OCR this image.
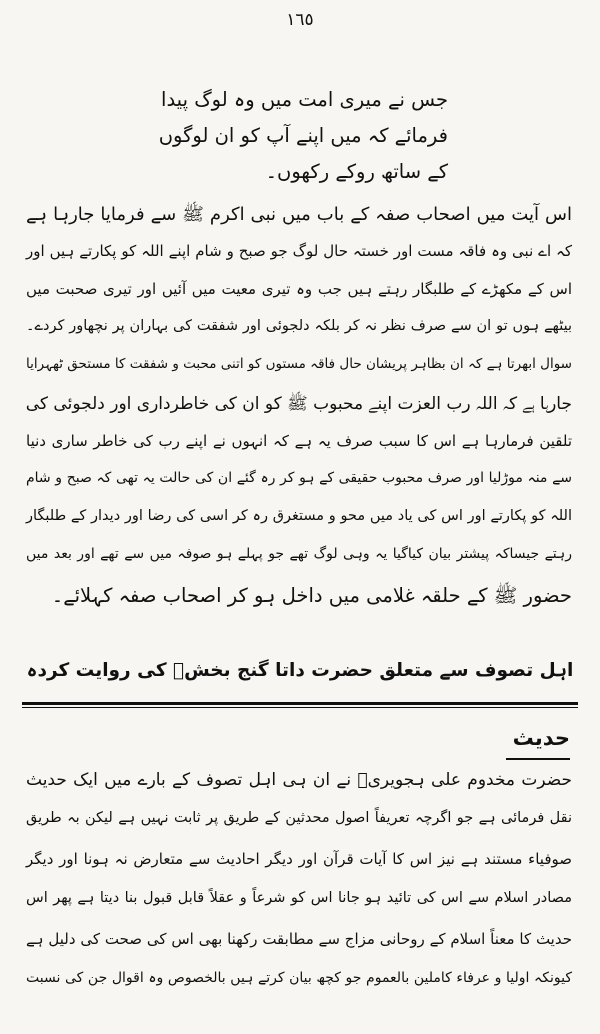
١٦٥
جس نے میری امت میں وہ لوگ پیدا
فرمائے کہ میں اپنے آپ کو ان لوگوں
کے ساتھ روکے رکھوں۔
اس آیت میں اصحاب صفہ کے باب میں نبی اکرم ﷺ سے فرمایا جارہا ہے
کہ اے نبی وہ فاقہ مست اور خستہ حال لوگ جو صبح و شام اپنے اللہ کو پکارتے ہیں اور
اس کے مکھڑے کے طلبگار رہتے ہیں جب وہ تیری معیت میں آئیں اور تیری صحبت میں
بیٹھے ہوں تو ان سے صرف نظر نہ کر بلکہ دلجوئی اور شفقت کی بہاران پر نچھاور کردے۔
سوال ابھرتا ہے کہ ان بظاہر پریشان حال فاقہ مستوں کو اتنی محبت و شفقت کا مستحق ٹھہرایا
جارہا ہے کہ اللہ رب العزت اپنے محبوب ﷺ کو ان کی خاطرداری اور دلجوئی کی
تلقین فرمارہا ہے اس کا سبب صرف یہ ہے کہ انہوں نے اپنے رب کی خاطر ساری دنیا
سے منہ موڑلیا اور صرف محبوب حقیقی کے ہو کر رہ گئے ان کی حالت یہ تھی کہ صبح و شام
اللہ کو پکارتے اور اس کی یاد میں محو و مستغرق رہ کر اسی کی رضا اور دیدار کے طلبگار
رہتے جیساکہ پیشتر بیان کیاگیا یہ وہی لوگ تھے جو پہلے ہو صوفہ میں سے تھے اور بعد میں
حضور ﷺ کے حلقہ غلامی میں داخل ہو کر اصحاب صفہ کہلائے۔
اہل تصوف سے متعلق حضرت داتا گنج بخشؒ کی روایت کردہ
حدیث
حضرت مخدوم علی ہجویریؒ نے ان ہی اہل تصوف کے بارے میں ایک حدیث
نقل فرمائی ہے جو اگرچہ تعریفاً اصول محدثین کے طریق پر ثابت نہیں ہے لیکن بہ طریق
صوفیاء مستند ہے نیز اس کا آیات قرآن اور دیگر احادیث سے متعارض نہ ہونا اور دیگر
مصادر اسلام سے اس کی تائید ہو جانا اس کو شرعاً و عقلاً قابل قبول بنا دیتا ہے پھر اس
حدیث کا معناً اسلام کے روحانی مزاج سے مطابقت رکھنا بھی اس کی صحت کی دلیل ہے
کیونکہ اولیا و عرفاء کاملین بالعموم جو کچھ بیان کرتے ہیں بالخصوص وہ اقوال جن کی نسبت
